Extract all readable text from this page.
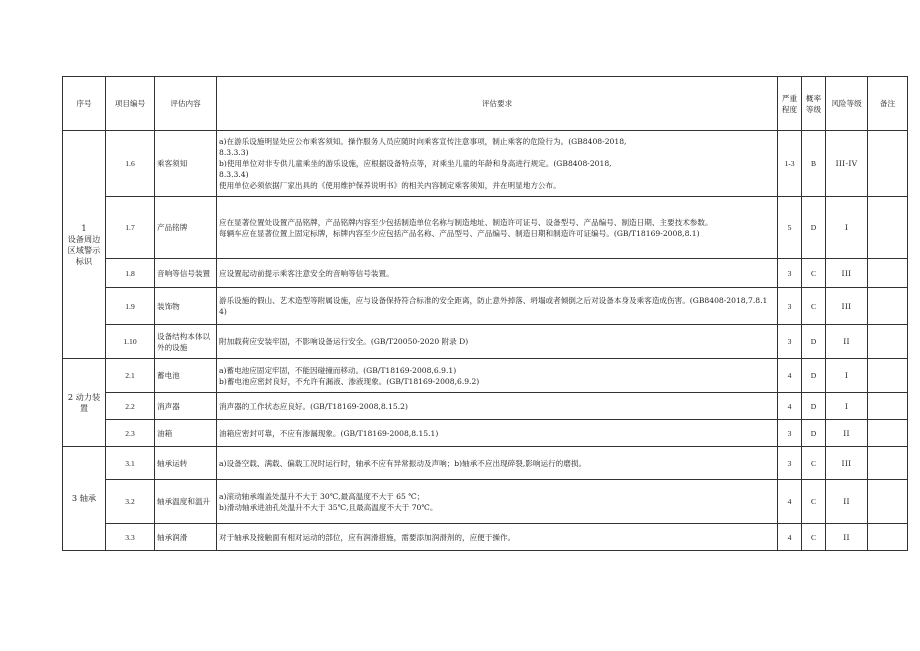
序号	项目编号	评估内容	评估要求	严重程度	概率等级	风险等级	备注
1
设备周边区域警示标识	1.6	乘客须知	a)在游乐设施明显处应公布乘客须知。操作服务人员应随时向乘客宣传注意事项，制止乘客的危险行为。(GB8408-2018,
8.3.3.3)
b)使用单位对非专供儿童乘坐的游乐设施，应根据设备特点等，对乘坐儿童的年龄和身高进行规定。(GB8408-2018,
8.3.3.4)
使用单位必须依据厂家出具的《使用维护保养说明书》的相关内容制定乘客须知，并在明显地方公布。	1-3	B	III-IV	
	1.7	产品铭牌	应在显著位置处设置产品铭牌，产品铭牌内容至少包括制造单位名称与制造地址、制造许可证号、设备型号、产品编号、制造日期、主要技术参数。
每辆车应在显著位置上固定标牌，标牌内容至少应包括产品名称、产品型号、产品编号、制造日期和制造许可证编号。(GB/T18169-2008,8.1)	5	D	I	
	1.8	音响等信号装置	应设置起动前提示乘客注意安全的音响等信号装置。	3	C	III	
	1.9	装饰物	游乐设施的假山、艺术造型等附属设施，应与设备保持符合标准的安全距离，防止意外掉落、坍塌或者倾倒之后对设备本身及乘客造成伤害。(GB8408-2018,7.8.14)	3	C	III	
	1.10	设备结构本体以外的设施	附加载荷应安装牢固，不影响设备运行安全。(GB/T20050-2020 附录 D)	3	D	II	
2 动力装置	2.1	蓄电池	a)蓄电池应固定牢固，不能因碰撞而移动。(GB/T18169-2008,6.9.1)
b)蓄电池应密封良好，不允许有漏液、渗液现象。(GB/T18169-2008,6.9.2)	4	D	I	
	2.2	消声器	消声器的工作状态应良好。(GB/T18169-2008,8.15.2)	4	D	I	
	2.3	油箱	油箱应密封可靠，不应有渗漏现象。(GB/T18169-2008,8.15.1)	3	D	II	
3 轴承	3.1	轴承运转	a)设备空载、满载、偏载工况时运行时，轴承不应有异常振动及声响；b)轴承不应出现碎裂,影响运行的磨损。	3	C	III	
	3.2	轴承温度和温升	a)滚动轴承端盖处温升不大于 30℃,最高温度不大于 65 ℃；
b)滑动轴承进油孔处温升不大于 35℃,且最高温度不大于 70℃。	4	C	II	
	3.3	轴承润滑	对于轴承及接触面有相对运动的部位，应有润滑措施，需要添加润滑剂的，应便于操作。	4	C	II	
